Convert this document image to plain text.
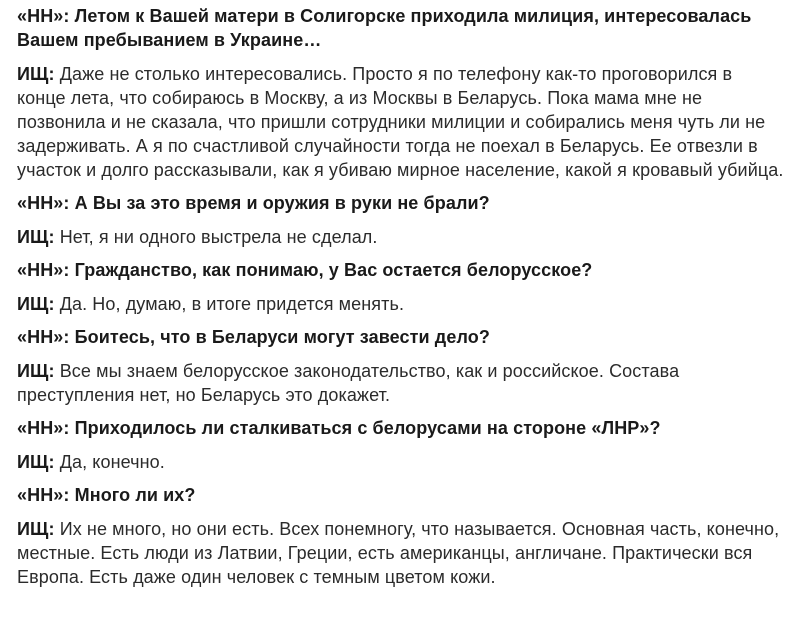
«НН»: Летом к Вашей матери в Солигорске приходила милиция, интересовалась Вашем пребыванием в Украине…

ИЩ: Даже не столько интересовались. Просто я по телефону как-то проговорился в конце лета, что собираюсь в Москву, а из Москвы в Беларусь. Пока мама мне не позвонила и не сказала, что пришли сотрудники милиции и собирались меня чуть ли не задерживать. А я по счастливой случайности тогда не поехал в Беларусь. Ее отвезли в участок и долго рассказывали, как я убиваю мирное население, какой я кровавый убийца.

«НН»: А Вы за это время и оружия в руки не брали?

ИЩ: Нет, я ни одного выстрела не сделал.

«НН»: Гражданство, как понимаю, у Вас остается белорусское?

ИЩ: Да. Но, думаю, в итоге придется менять.

«НН»: Боитесь, что в Беларуси могут завести дело?

ИЩ: Все мы знаем белорусское законодательство, как и российское. Состава преступления нет, но Беларусь это докажет.

«НН»: Приходилось ли сталкиваться с белорусами на стороне «ЛНР»?

ИЩ: Да, конечно.

«НН»: Много ли их?

ИЩ: Их не много, но они есть. Всех понемногу, что называется. Основная часть, конечно, местные. Есть люди из Латвии, Греции, есть американцы, англичане. Практически вся Европа. Есть даже один человек с темным цветом кожи.
